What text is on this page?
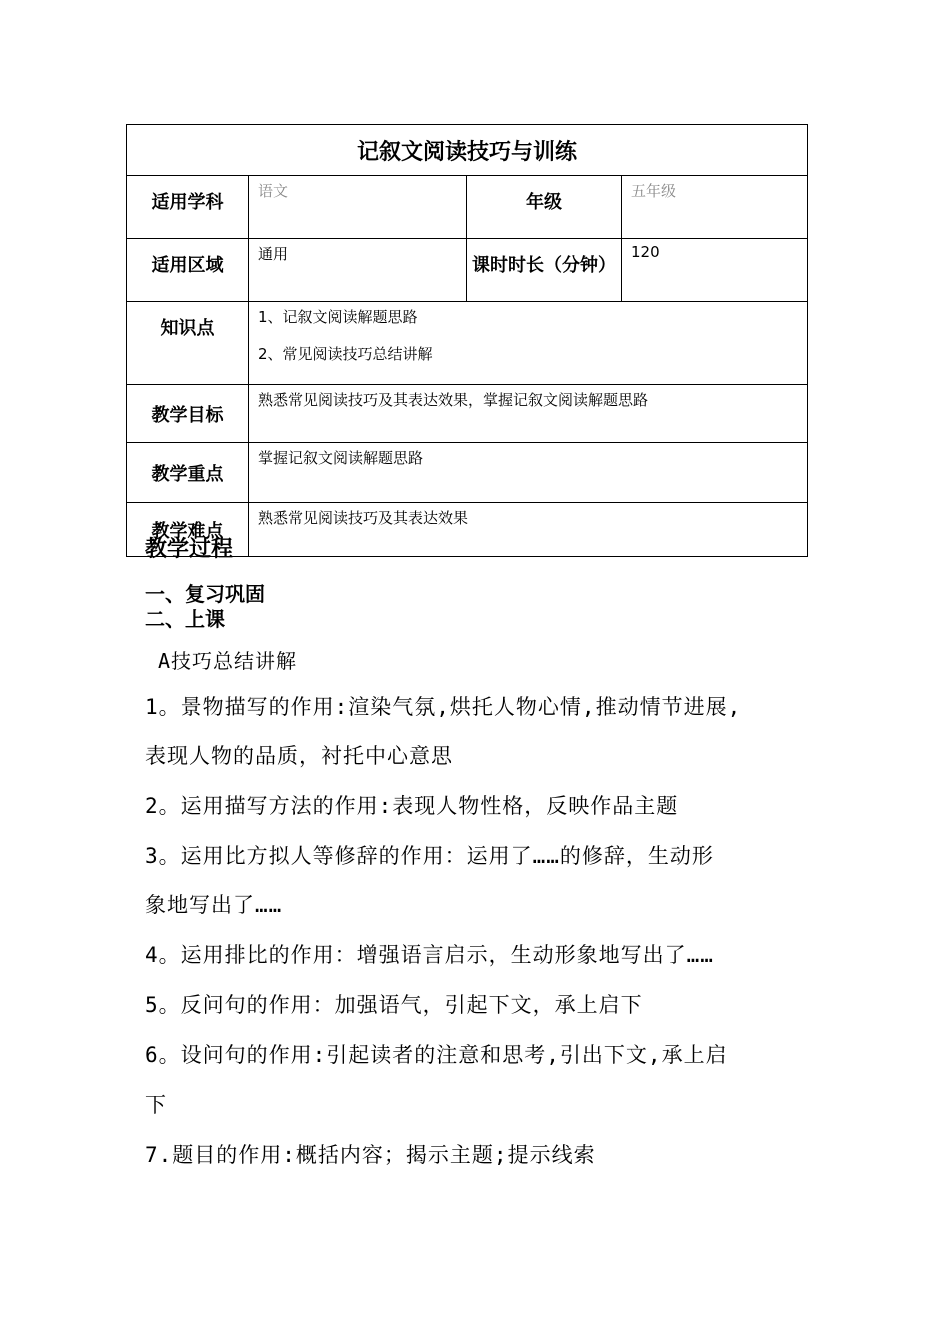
记叙文阅读技巧与训练			
适用学科	语文	年级	五年级
适用区域	通用	课时时长（分钟）	120
知识点	1、记叙文阅读解题思路
2、常见阅读技巧总结讲解		

教学目标	熟悉常见阅读技巧及其表达效果，掌握记叙文阅读解题思路		
教学重点	掌握记叙文阅读解题思路		
教学难点	熟悉常见阅读技巧及其表达效果		
教学过程
一、复习巩固
二、上课
A技巧总结讲解
1。景物描写的作用:渲染气氛,烘托人物心情,推动情节进展,
表现人物的品质，衬托中心意思
2。运用描写方法的作用:表现人物性格，反映作品主题
3。运用比方拟人等修辞的作用：运用了……的修辞，生动形
象地写出了……
4。运用排比的作用：增强语言启示，生动形象地写出了……
5。反问句的作用：加强语气，引起下文，承上启下
6。设问句的作用:引起读者的注意和思考,引出下文,承上启
下
7.题目的作用:概括内容；揭示主题;提示线索
